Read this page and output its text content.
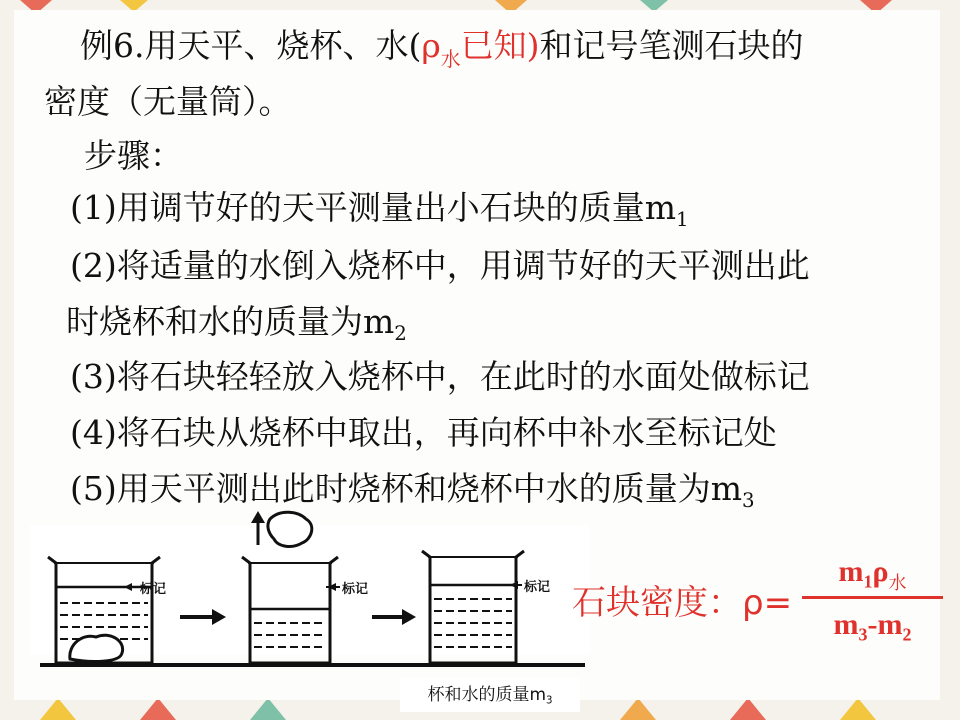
例6.用天平、烧杯、水($\rho_水$已知)和记号笔测石块的
密度（无量筒）。
步骤：
(1)用调节好的天平测量出小石块的质量$m_1$
(2)将适量的水倒入烧杯中，用调节好的天平测出此
时烧杯和水的质量为$m_2$
(3)将石块轻轻放入烧杯中，在此时的水面处做标记
(4)将石块从烧杯中取出，再向杯中补水至标记处
(5)用天平测出此时烧杯和烧杯中水的质量为$m_3$
标记	标记	标记 石块密度：ρ=
$m_1\rho_水$
$m_3-m_2$
杯和水的质量$m_3$
